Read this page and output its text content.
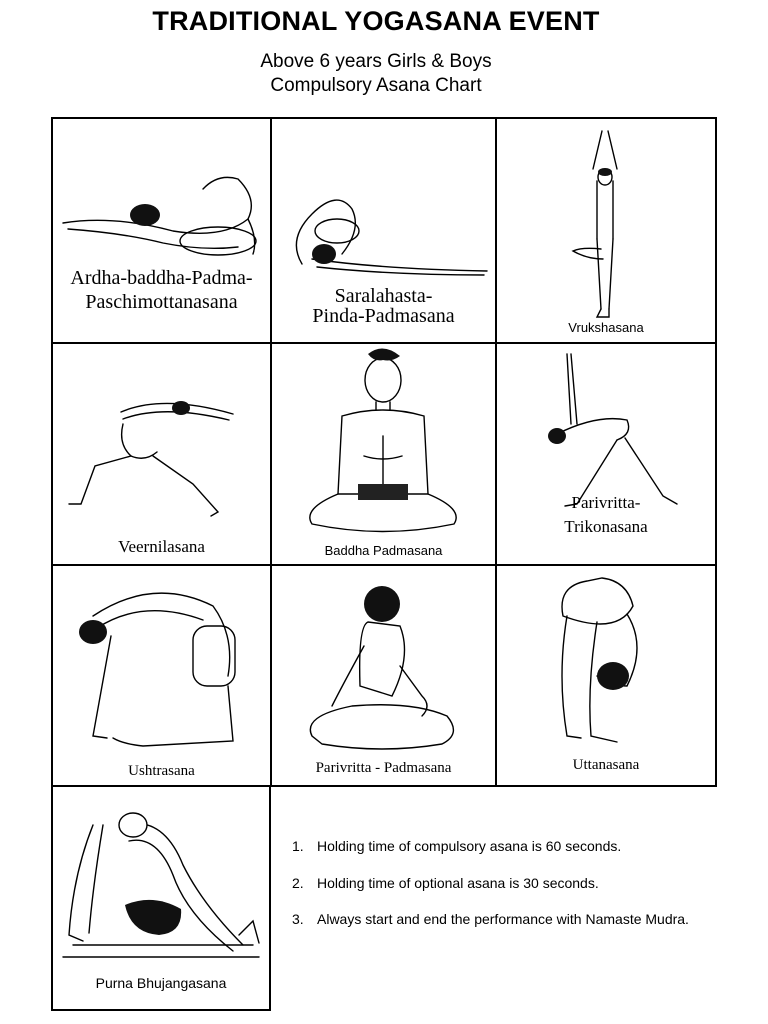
TRADITIONAL YOGASANA EVENT
Above 6 years Girls & Boys
Compulsory Asana Chart
Ardha-baddha-Padma-
Paschimottanasana	Saralahasta-
Pinda-Padmasana
Vrukshasana
Veernilasana	Baddha Padmasana
Parivritta-
Trikonasana
Ushtrasana	Parivritta - Padmasana	Uttanasana
Purna Bhujangasana
1. Holding time of compulsory asana is 60 seconds.
2. Holding time of optional asana is 30 seconds.
3. Always start and end the performance with Namaste Mudra.
